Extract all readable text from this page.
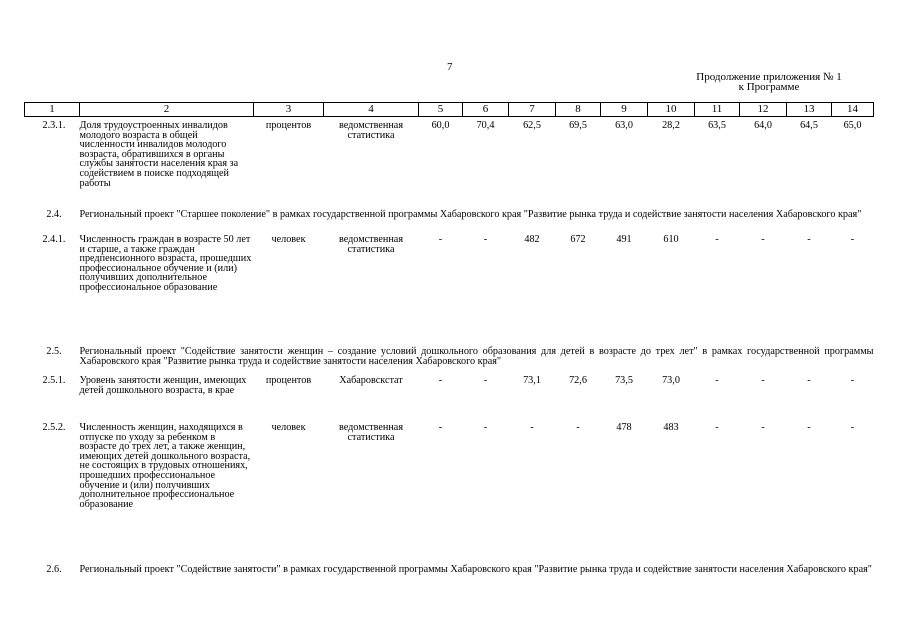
7
Продолжение приложения № 1
к Программе
1	2	3	4	5	6	7	8	9	10	11	12	13	14
2.3.1.	Доля трудоустроенных инвалидов молодого возраста в общей численности инвалидов молодого возраста, обратившихся в органы службы занятости населения края за содействием в поиске подходящей работы	процентов	ведомственная статистика	60,0	70,4	62,5	69,5	63,0	28,2	63,5	64,0	64,5	65,0
2.4.	Региональный проект "Старшее поколение" в рамках государственной программы Хабаровского края "Развитие рынка труда и содействие занятости населения Хабаровского края"												
2.4.1.	Численность граждан в возрасте 50 лет и старше, а также граждан предпенсионного возраста, прошедших профессиональное обучение и (или) получивших дополнительное профессиональное образование	человек	ведомственная статистика	-	-	482	672	491	610	-	-	-	-
2.5.	Региональный проект "Содействие занятости женщин – создание условий дошкольного образования для детей в возрасте до трех лет" в рамках государственной программы Хабаровского края "Развитие рынка труда и содействие занятости населения Хабаровского края"												
2.5.1.	Уровень занятости женщин, имеющих детей дошкольного возраста, в крае	процентов	Хабаровскстат	-	-	73,1	72,6	73,5	73,0	-	-	-	-
2.5.2.	Численность женщин, находящихся в отпуске по уходу за ребенком в возрасте до трех лет, а также женщин, имеющих детей дошкольного возраста, не состоящих в трудовых отношениях, прошедших профессиональное обучение и (или) получивших дополнительное профессиональное образование	человек	ведомственная статистика	-	-	-	-	478	483	-	-	-	-
2.6.	Региональный проект "Содействие занятости" в рамках государственной программы Хабаровского края "Развитие рынка труда и содействие занятости населения Хабаровского края"												
